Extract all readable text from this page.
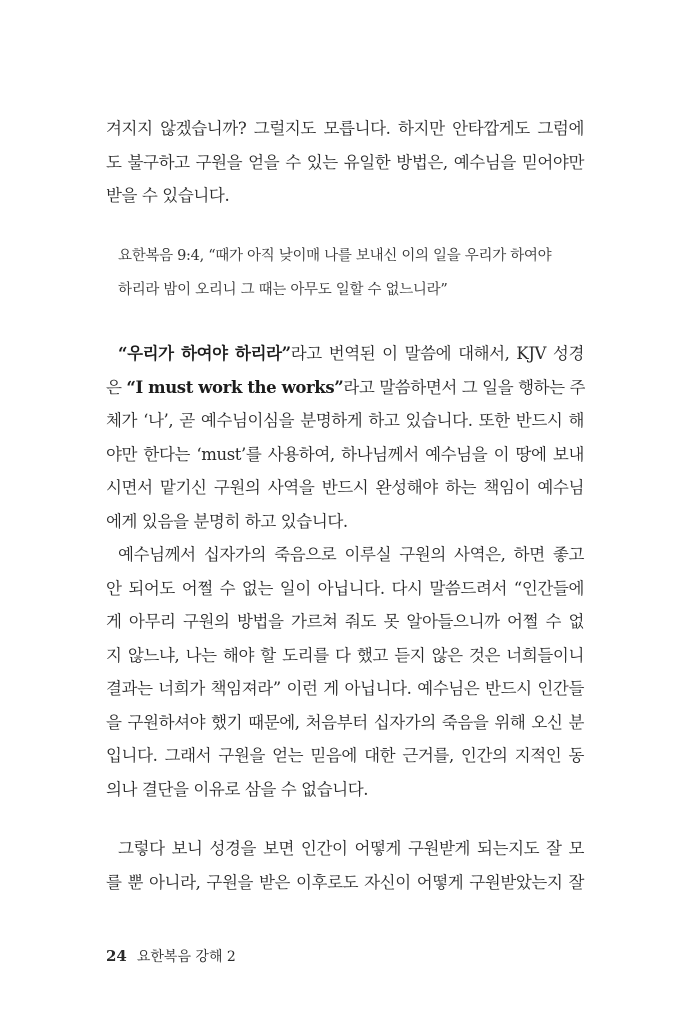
겨지지 않겠습니까? 그럴지도 모릅니다. 하지만 안타깝게도 그럼에
도 불구하고 구원을 얻을 수 있는 유일한 방법은, 예수님을 믿어야만
받을 수 있습니다.
요한복음 9:4, “때가 아직 낮이매 나를 보내신 이의 일을 우리가 하여야
하리라 밤이 오리니 그 때는 아무도 일할 수 없느니라”
“우리가 하여야 하리라”라고 번역된 이 말씀에 대해서, KJV 성경
은 “I must work the works”라고 말씀하면서 그 일을 행하는 주
체가 ‘나’, 곧 예수님이심을 분명하게 하고 있습니다. 또한 반드시 해
야만 한다는 ‘must’를 사용하여, 하나님께서 예수님을 이 땅에 보내
시면서 맡기신 구원의 사역을 반드시 완성해야 하는 책임이 예수님
에게 있음을 분명히 하고 있습니다.
예수님께서 십자가의 죽음으로 이루실 구원의 사역은, 하면 좋고
안 되어도 어쩔 수 없는 일이 아닙니다. 다시 말씀드려서 “인간들에
게 아무리 구원의 방법을 가르쳐 줘도 못 알아들으니까 어쩔 수 없
지 않느냐, 나는 해야 할 도리를 다 했고 듣지 않은 것은 너희들이니
결과는 너희가 책임져라” 이런 게 아닙니다. 예수님은 반드시 인간들
을 구원하셔야 했기 때문에, 처음부터 십자가의 죽음을 위해 오신 분
입니다. 그래서 구원을 얻는 믿음에 대한 근거를, 인간의 지적인 동
의나 결단을 이유로 삼을 수 없습니다.
그렇다 보니 성경을 보면 인간이 어떻게 구원받게 되는지도 잘 모
를 뿐 아니라, 구원을 받은 이후로도 자신이 어떻게 구원받았는지 잘
24 요한복음 강해 2
